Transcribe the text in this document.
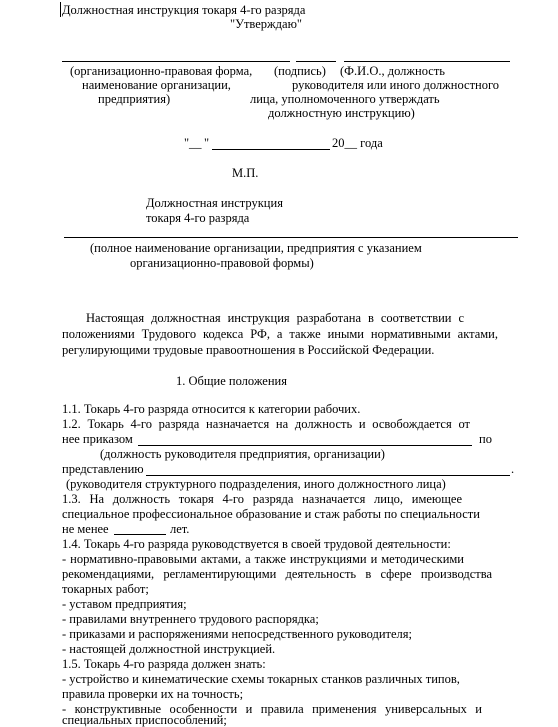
Должностная инструкция токаря 4-го разряда
"Утверждаю"
(организационно-правовая форма, (подпись) (Ф.И.О., должность
наименование организации,	руководителя или иного должностного
предприятия)	лица, уполномоченного утверждать
должностную инструкцию)
" __ "	20__ года
М.П.
Должностная инструкция
токаря 4-го разряда
(полное наименование организации, предприятия с указанием
организационно-правовой формы)
Настоящая должностная инструкция разработана в соответствии с
положениями Трудового кодекса РФ, а также иными нормативными актами,
регулирующими трудовые правоотношения в Российской Федерации.
1. Общие положения
1.1. Токарь 4-го разряда относится к категории рабочих.
1.2. Токарь 4-го разряда назначается на должность и освобождается от
нее приказом	по
(должность руководителя предприятия, организации)
представлению	.
(руководителя структурного подразделения, иного должностного лица)
1.3. На должность токаря 4-го разряда назначается лицо, имеющее
специальное профессиональное образование и стаж работы по специальности
не менее	лет.
1.4. Токарь 4-го разряда руководствуется в своей трудовой деятельности:
- нормативно-правовыми актами, а также инструкциями и методическими
рекомендациями, регламентирующими деятельность в сфере производства
токарных работ;
- уставом предприятия;
- правилами внутреннего трудового распорядка;
- приказами и распоряжениями непосредственного руководителя;
- настоящей должностной инструкцией.
1.5. Токарь 4-го разряда должен знать:
- устройство и кинематические схемы токарных станков различных типов,
правила проверки их на точность;
- конструктивные особенности и правила применения универсальных и
специальных приспособлений;
